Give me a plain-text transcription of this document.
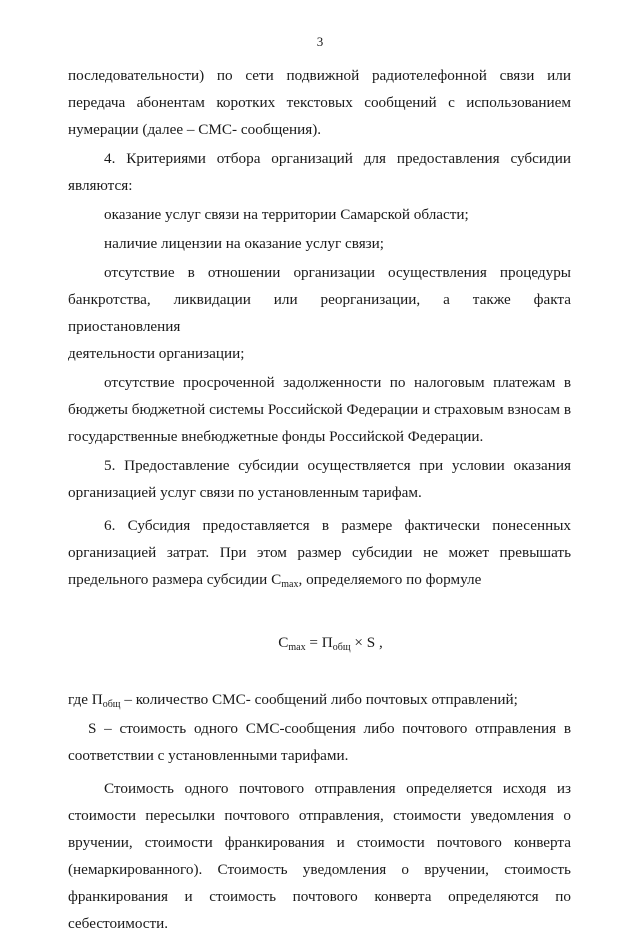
3

последовательности) по сети подвижной радиотелефонной связи или

передача абонентам коротких текстовых сообщений с использованием

нумерации (далее – СМС- сообщения).

4. Критериями отбора организаций для предоставления субсидии

являются:

оказание услуг связи на территории Самарской области;

наличие лицензии на оказание услуг связи;

отсутствие в отношении организации осуществления процедуры

банкротства, ликвидации или реорганизации, а также факта приостановления

деятельности организации;

отсутствие просроченной задолженности по налоговым платежам в

бюджеты бюджетной системы Российской Федерации и страховым взносам в

государственные внебюджетные фонды Российской Федерации.

5. Предоставление субсидии осуществляется при условии оказания

организацией услуг связи по установленным тарифам.

6. Субсидия предоставляется в размере фактически понесенных

организацией затрат. При этом размер субсидии не может превышать

предельного размера субсидии $C_{max}$, определяемого по формуле

$C_{max} = П_{общ} \times S$ ,

где $П_{общ}$ – количество СМС- сообщений либо почтовых отправлений;

S – стоимость одного СМС-сообщения либо почтового отправления в

соответствии с установленными тарифами.

Стоимость одного почтового отправления определяется исходя из

стоимости пересылки почтового отправления, стоимости уведомления о

вручении, стоимости франкирования и стоимости почтового конверта

(немаркированного). Стоимость уведомления о вручении, стоимость

франкирования и стоимость почтового конверта определяются по

себестоимости.
